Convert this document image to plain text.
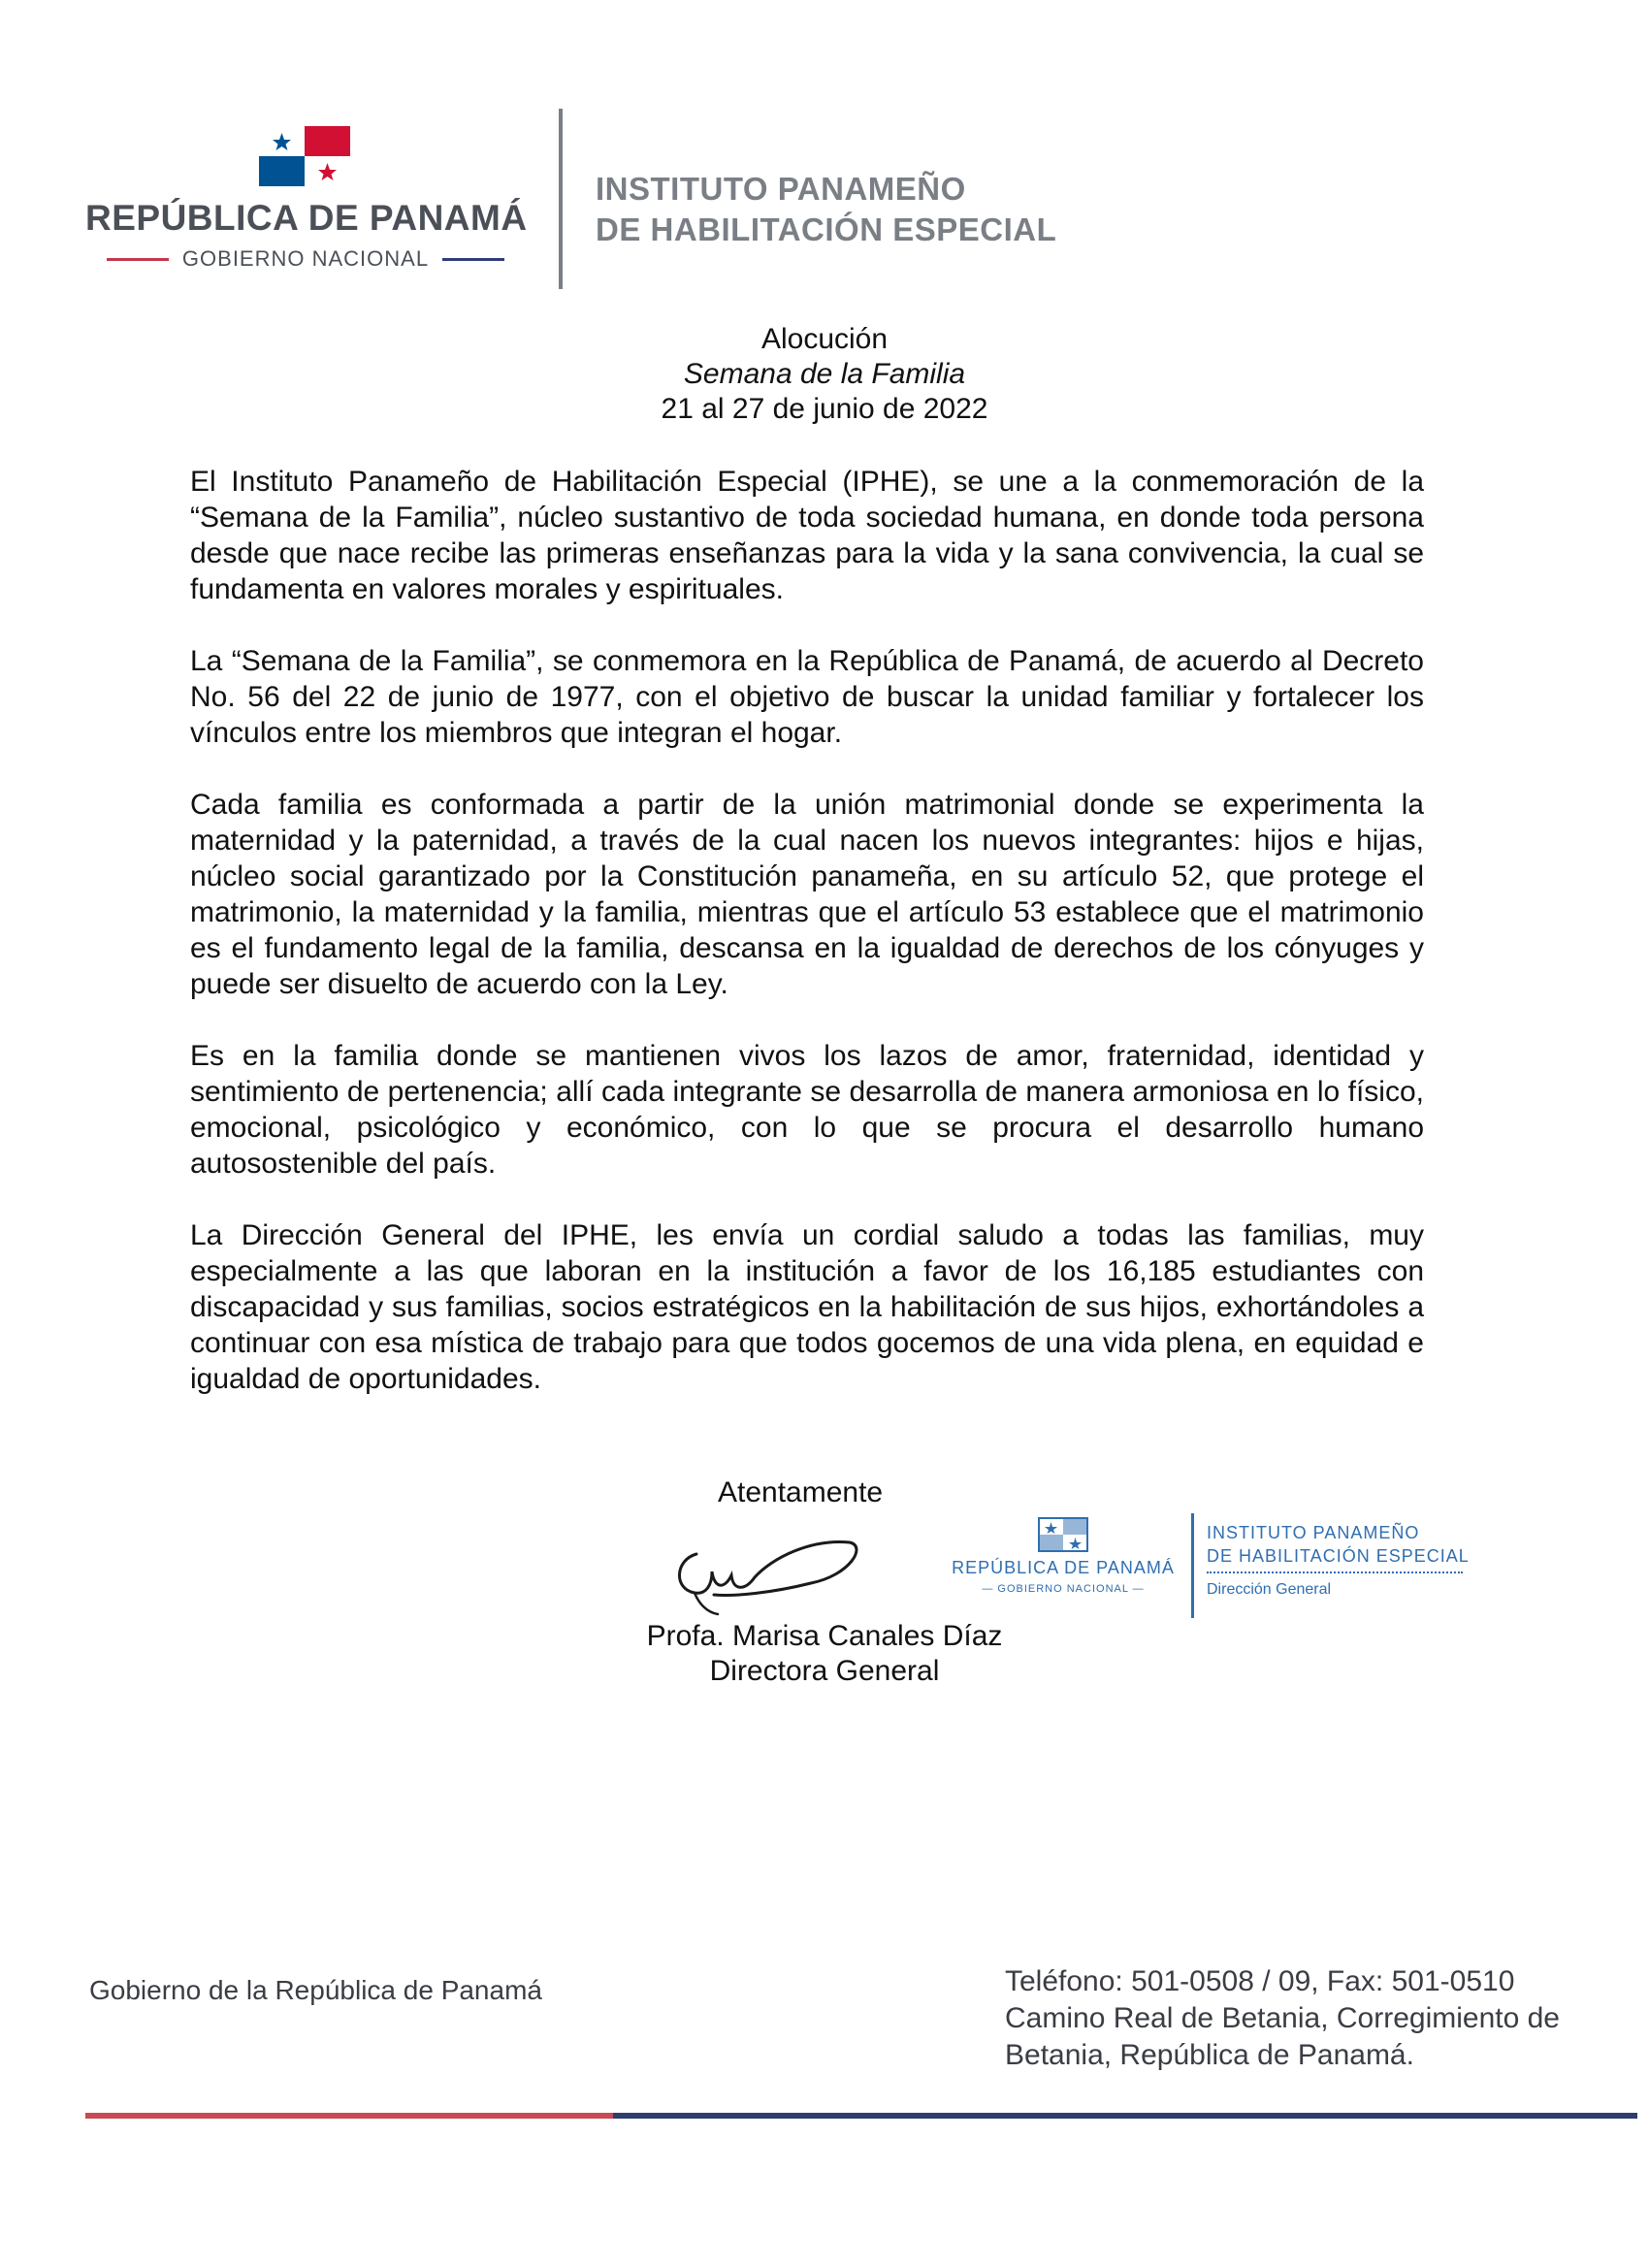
REPÚBLICA DE PANAMÁ
GOBIERNO NACIONAL
INSTITUTO PANAMEÑO
DE HABILITACIÓN ESPECIAL
Alocución
Semana de la Familia
21 al 27 de junio de 2022

El Instituto Panameño de Habilitación Especial (IPHE), se une a la conmemoración de la “Semana de la Familia”, núcleo sustantivo de toda sociedad humana, en donde toda persona desde que nace recibe las primeras enseñanzas para la vida y la sana convivencia, la cual se fundamenta en valores morales y espirituales.

La “Semana de la Familia”, se conmemora en la República de Panamá, de acuerdo al Decreto No. 56 del 22 de junio de 1977, con el objetivo de buscar la unidad familiar y fortalecer los vínculos entre los miembros que integran el hogar.

Cada familia es conformada a partir de la unión matrimonial donde se experimenta la maternidad y la paternidad, a través de la cual nacen los nuevos integrantes: hijos e hijas, núcleo social garantizado por la Constitución panameña, en su artículo 52, que protege el matrimonio, la maternidad y la familia, mientras que el artículo 53 establece que el matrimonio es el fundamento legal de la familia, descansa en la igualdad de derechos de los cónyuges y puede ser disuelto de acuerdo con la Ley.

Es en la familia donde se mantienen vivos los lazos de amor, fraternidad, identidad y sentimiento de pertenencia; allí cada integrante se desarrolla de manera armoniosa en lo físico, emocional, psicológico y económico, con lo que se procura el desarrollo humano autosostenible del país.

La Dirección General del IPHE, les envía un cordial saludo a todas las familias, muy especialmente a las que laboran en la institución a favor de los 16,185 estudiantes con discapacidad y sus familias, socios estratégicos en la habilitación de sus hijos, exhortándoles a continuar con esa mística de trabajo para que todos gocemos de una vida plena, en equidad e igualdad de oportunidades.

Atentamente
Profa. Marisa Canales Díaz
Directora General
REPÚBLICA DE PANAMÁ
— GOBIERNO NACIONAL —
INSTITUTO PANAMEÑO
DE HABILITACIÓN ESPECIAL
Dirección General
Gobierno de la República de Panamá	Teléfono: 501-0508 / 09, Fax: 501-0510
Camino Real de Betania, Corregimiento de
Betania, República de Panamá.
